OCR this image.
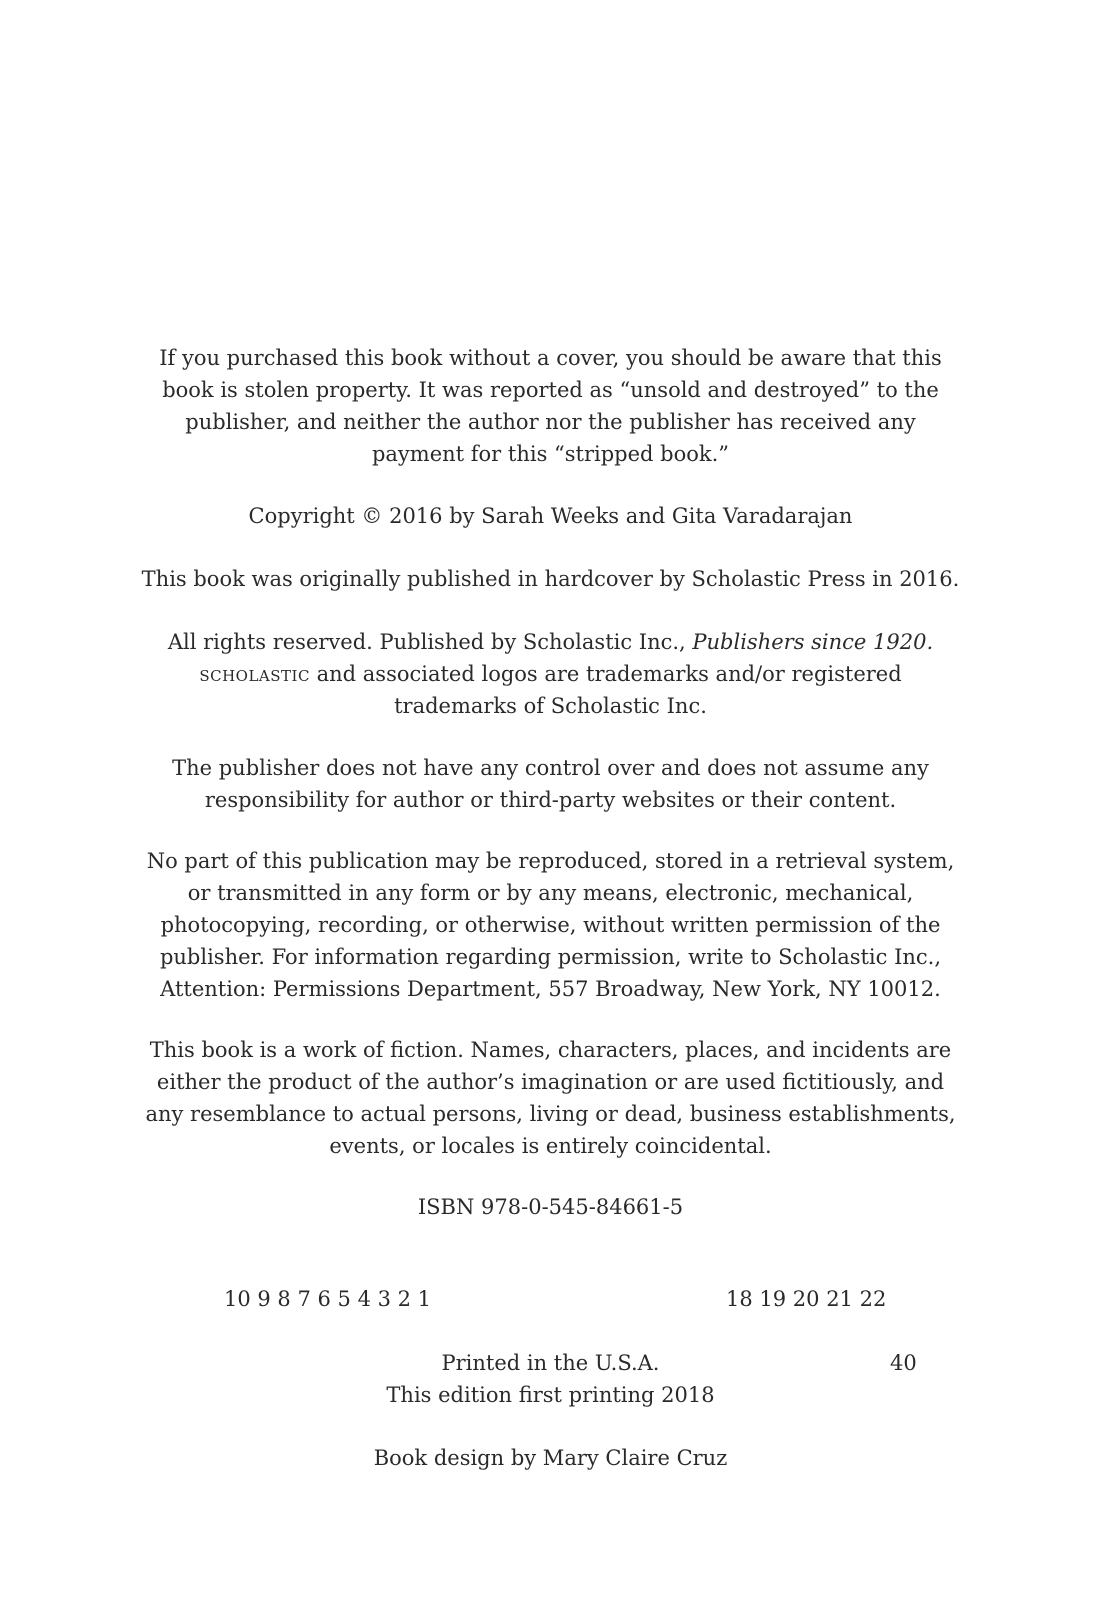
If you purchased this book without a cover, you should be aware that this
book is stolen property. It was reported as “unsold and destroyed” to the
publisher, and neither the author nor the publisher has received any
payment for this “stripped book.”
Copyright © 2016 by Sarah Weeks and Gita Varadarajan
This book was originally published in hardcover by Scholastic Press in 2016.
All rights reserved. Published by Scholastic Inc., Publishers since 1920.
scholastic and associated logos are trademarks and/or registered
trademarks of Scholastic Inc.
The publisher does not have any control over and does not assume any
responsibility for author or third-party websites or their content.
No part of this publication may be reproduced, stored in a retrieval system,
or transmitted in any form or by any means, electronic, mechanical,
photocopying, recording, or otherwise, without written permission of the
publisher. For information regarding permission, write to Scholastic Inc.,
Attention: Permissions Department, 557 Broadway, New York, NY 10012.
This book is a work of fiction. Names, characters, places, and incidents are
either the product of the author’s imagination or are used fictitiously, and
any resemblance to actual persons, living or dead, business establishments,
events, or locales is entirely coincidental.
ISBN 978-0-545-84661-5
10 9 8 7 6 5 4 3 2 1	18 19 20 21 22
Printed in the U.S.A.	40
This edition first printing 2018
Book design by Mary Claire Cruz
